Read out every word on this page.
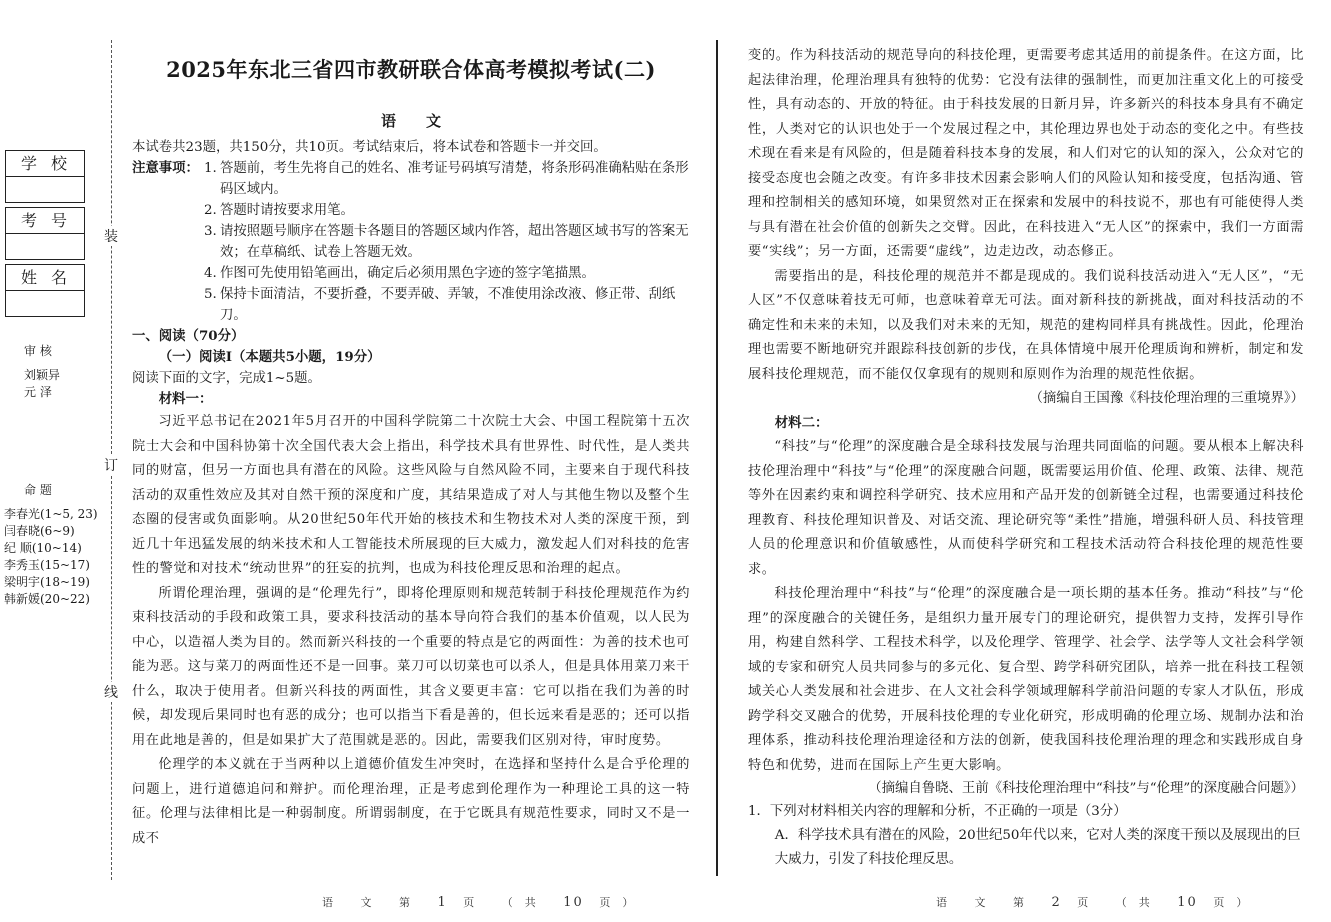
装
订
线
学校
考号
姓名
审 核
刘颖异
元 泽
命 题
李春光(1~5, 23)
闫春晓(6~9)
纪 顺(10~14)
李秀玉(15~17)
梁明宇(18~19)
韩新媛(20~22)
2025年东北三省四市教研联合体高考模拟考试(二)
语文
本试卷共23题，共150分，共10页。考试结束后，将本试卷和答题卡一并交回。
注意事项： 1. 答题前，考生先将自己的姓名、准考证号码填写清楚，将条形码准确粘贴在条形码区域内。
2. 答题时请按要求用笔。
3. 请按照题号顺序在答题卡各题目的答题区域内作答，超出答题区域书写的答案无效；在草稿纸、试卷上答题无效。
4. 作图可先使用铅笔画出，确定后必须用黑色字迹的签字笔描黑。
5. 保持卡面清洁，不要折叠，不要弄破、弄皱，不准使用涂改液、修正带、刮纸刀。
一、阅读（70分）
（一）阅读Ⅰ（本题共5小题，19分）
阅读下面的文字，完成1~5题。
材料一：
习近平总书记在2021年5月召开的中国科学院第二十次院士大会、中国工程院第十五次院士大会和中国科协第十次全国代表大会上指出，科学技术具有世界性、时代性，是人类共同的财富，但另一方面也具有潜在的风险。这些风险与自然风险不同，主要来自于现代科技活动的双重性效应及其对自然干预的深度和广度，其结果造成了对人与其他生物以及整个生态圈的侵害或负面影响。从20世纪50年代开始的核技术和生物技术对人类的深度干预，到近几十年迅猛发展的纳米技术和人工智能技术所展现的巨大威力，激发起人们对科技的危害性的警觉和对技术“统动世界”的狂妄的抗判，也成为科技伦理反思和治理的起点。
所谓伦理治理，强调的是“伦理先行”，即将伦理原则和规范转制于科技伦理规范作为约束科技活动的手段和政策工具，要求科技活动的基本导向符合我们的基本价值观，以人民为中心，以造福人类为目的。然而新兴科技的一个重要的特点是它的两面性：为善的技术也可能为恶。这与菜刀的两面性还不是一回事。菜刀可以切菜也可以杀人，但是具体用菜刀来干什么，取决于使用者。但新兴科技的两面性，其含义要更丰富：它可以指在我们为善的时候，却发现后果同时也有恶的成分；也可以指当下看是善的，但长远来看是恶的；还可以指用在此地是善的，但是如果扩大了范围就是恶的。因此，需要我们区别对待，审时度势。
伦理学的本义就在于当两种以上道德价值发生冲突时，在选择和坚持什么是合乎伦理的问题上，进行道德追问和辩护。而伦理治理，正是考虑到伦理作为一种理论工具的这一特征。伦理与法律相比是一种弱制度。所谓弱制度，在于它既具有规范性要求，同时又不是一成不
变的。作为科技活动的规范导向的科技伦理，更需要考虑其适用的前提条件。在这方面，比起法律治理，伦理治理具有独特的优势：它没有法律的强制性，而更加注重文化上的可接受性，具有动态的、开放的特征。由于科技发展的日新月异，许多新兴的科技本身具有不确定性，人类对它的认识也处于一个发展过程之中，其伦理边界也处于动态的变化之中。有些技术现在看来是有风险的，但是随着科技本身的发展，和人们对它的认知的深入，公众对它的接受态度也会随之改变。有许多非技术因素会影响人们的风险认知和接受度，包括沟通、管理和控制相关的感知环境，如果贸然对正在探索和发展中的科技说不，那也有可能使得人类与具有潜在社会价值的创新失之交臂。因此，在科技进入“无人区”的探索中，我们一方面需要“实线”；另一方面，还需要“虚线”，边走边改，动态修正。
需要指出的是，科技伦理的规范并不都是现成的。我们说科技活动进入“无人区”，“无人区”不仅意味着技无可师，也意味着章无可法。面对新科技的新挑战，面对科技活动的不确定性和未来的未知，以及我们对未来的无知，规范的建构同样具有挑战性。因此，伦理治理也需要不断地研究并跟踪科技创新的步伐，在具体情境中展开伦理质询和辨析，制定和发展科技伦理规范，而不能仅仅拿现有的规则和原则作为治理的规范性依据。
（摘编自王国豫《科技伦理治理的三重境界》）
材料二：
“科技”与“伦理”的深度融合是全球科技发展与治理共同面临的问题。要从根本上解决科技伦理治理中“科技”与“伦理”的深度融合问题，既需要运用价值、伦理、政策、法律、规范等外在因素约束和调控科学研究、技术应用和产品开发的创新链全过程，也需要通过科技伦理教育、科技伦理知识普及、对话交流、理论研究等“柔性”措施，增强科研人员、科技管理人员的伦理意识和价值敏感性，从而使科学研究和工程技术活动符合科技伦理的规范性要求。
科技伦理治理中“科技”与“伦理”的深度融合是一项长期的基本任务。推动“科技”与“伦理”的深度融合的关键任务，是组织力量开展专门的理论研究，提供智力支持，发挥引导作用，构建自然科学、工程技术科学，以及伦理学、管理学、社会学、法学等人文社会科学领域的专家和研究人员共同参与的多元化、复合型、跨学科研究团队，培养一批在科技工程领域关心人类发展和社会进步、在人文社会科学领域理解科学前沿问题的专家人才队伍，形成跨学科交叉融合的优势，开展科技伦理的专业化研究，形成明确的伦理立场、规制办法和治理体系，推动科技伦理治理途径和方法的创新，使我国科技伦理治理的理念和实践形成自身特色和优势，进而在国际上产生更大影响。
（摘编自鲁晓、王前《科技伦理治理中“科技”与“伦理”的深度融合问题》）
1．下列对材料相关内容的理解和分析，不正确的一项是（3分）
A．科学技术具有潜在的风险，20世纪50年代以来，它对人类的深度干预以及展现出的巨大威力，引发了科技伦理反思。
语 文 第 1 页 （共 10 页）	语 文 第 2 页 （共 10 页）
